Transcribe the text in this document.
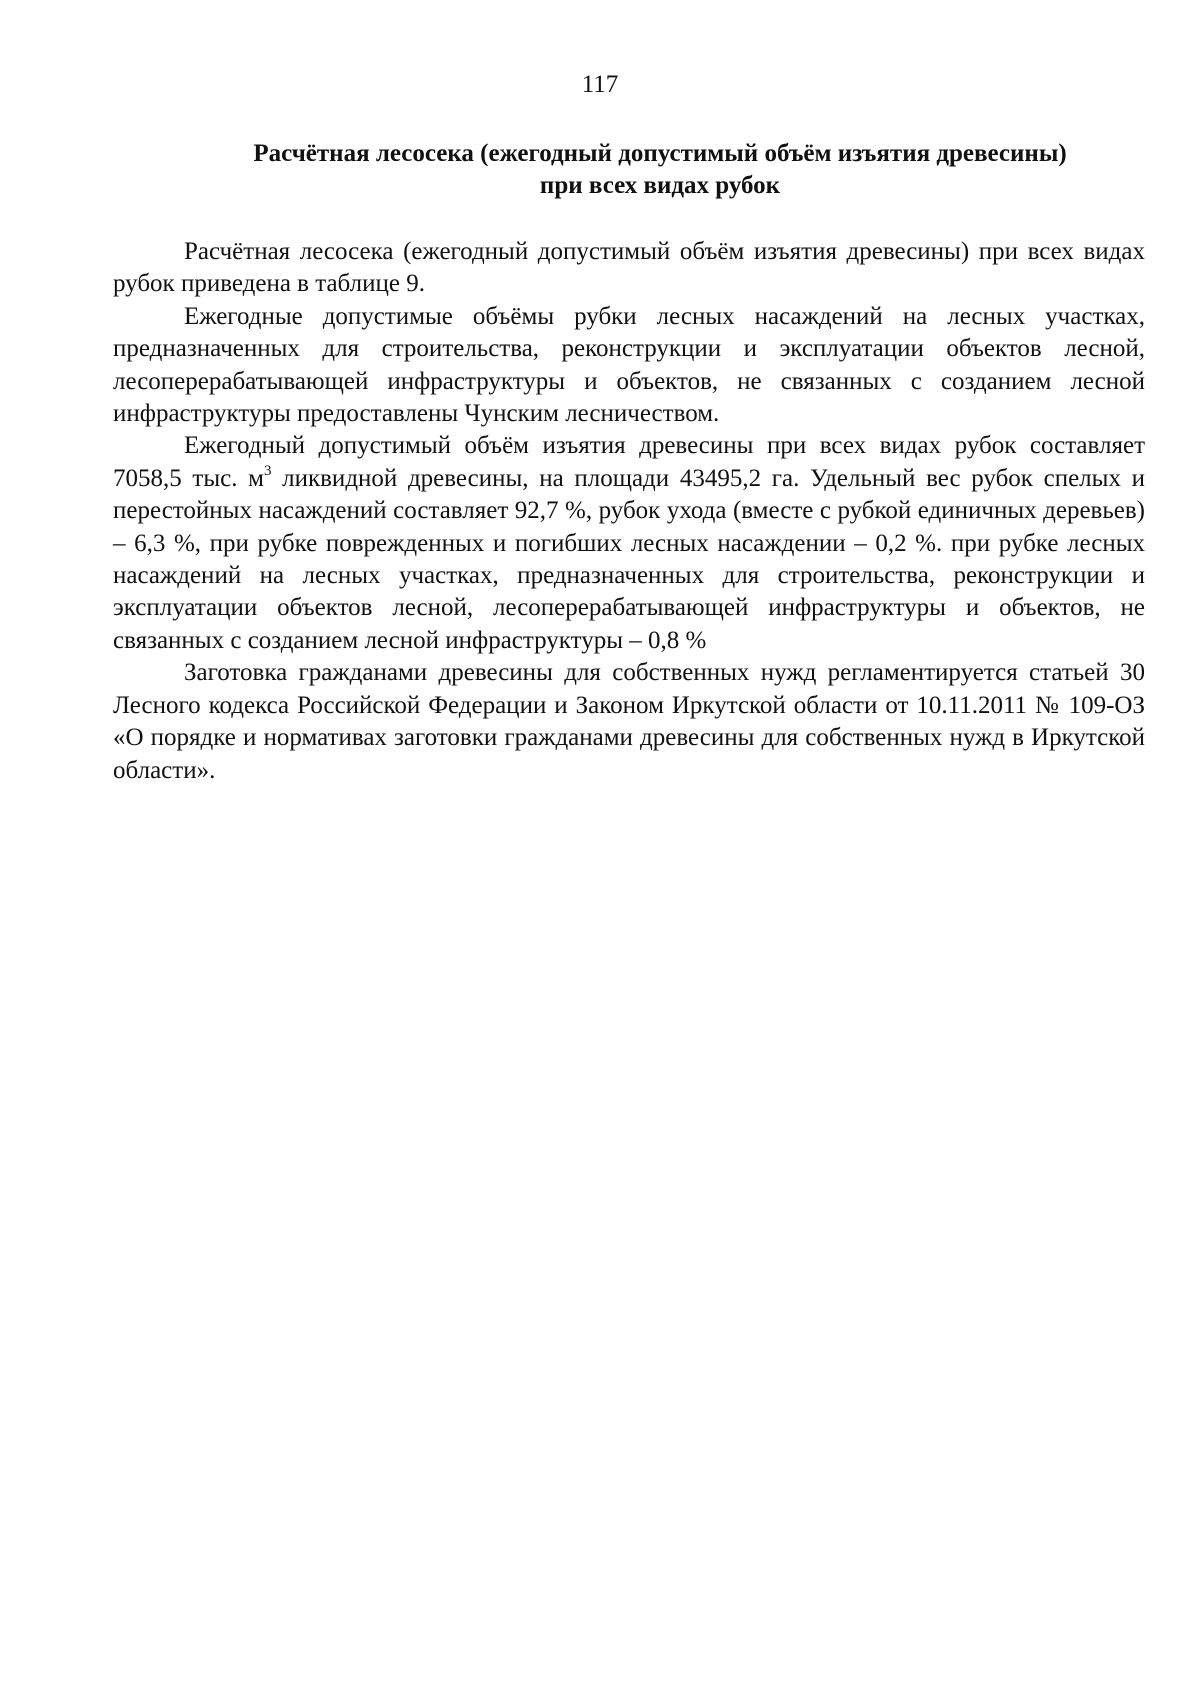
117
Расчётная лесосека (ежегодный допустимый объём изъятия древесины)
при всех видах рубок

Расчётная лесосека (ежегодный допустимый объём изъятия древесины) при всех видах рубок приведена в таблице 9.

Ежегодные допустимые объёмы рубки лесных насаждений на лесных участках, предназначенных для строительства, реконструкции и эксплуатации объектов лесной, лесоперерабатывающей инфраструктуры и объектов, не связанных с созданием лесной инфраструктуры предоставлены Чунским лесничеством.

Ежегодный допустимый объём изъятия древесины при всех видах рубок составляет 7058,5 тыс. $м^3$ ликвидной древесины, на площади 43495,2 га. Удельный вес рубок спелых и перестойных насаждений составляет 92,7 %, рубок ухода (вместе с рубкой единичных деревьев) – 6,3 %, при рубке поврежденных и погибших лесных насаждении – 0,2 %. при рубке лесных насаждений на лесных участках, предназначенных для строительства, реконструкции и эксплуатации объектов лесной, лесоперерабатывающей инфраструктуры и объектов, не связанных с созданием лесной инфраструктуры – 0,8 %

Заготовка гражданами древесины для собственных нужд регламентируется статьей 30 Лесного кодекса Российской Федерации и Законом Иркутской области от 10.11.2011 № 109-ОЗ «О порядке и нормативах заготовки гражданами древесины для собственных нужд в Иркутской области».
